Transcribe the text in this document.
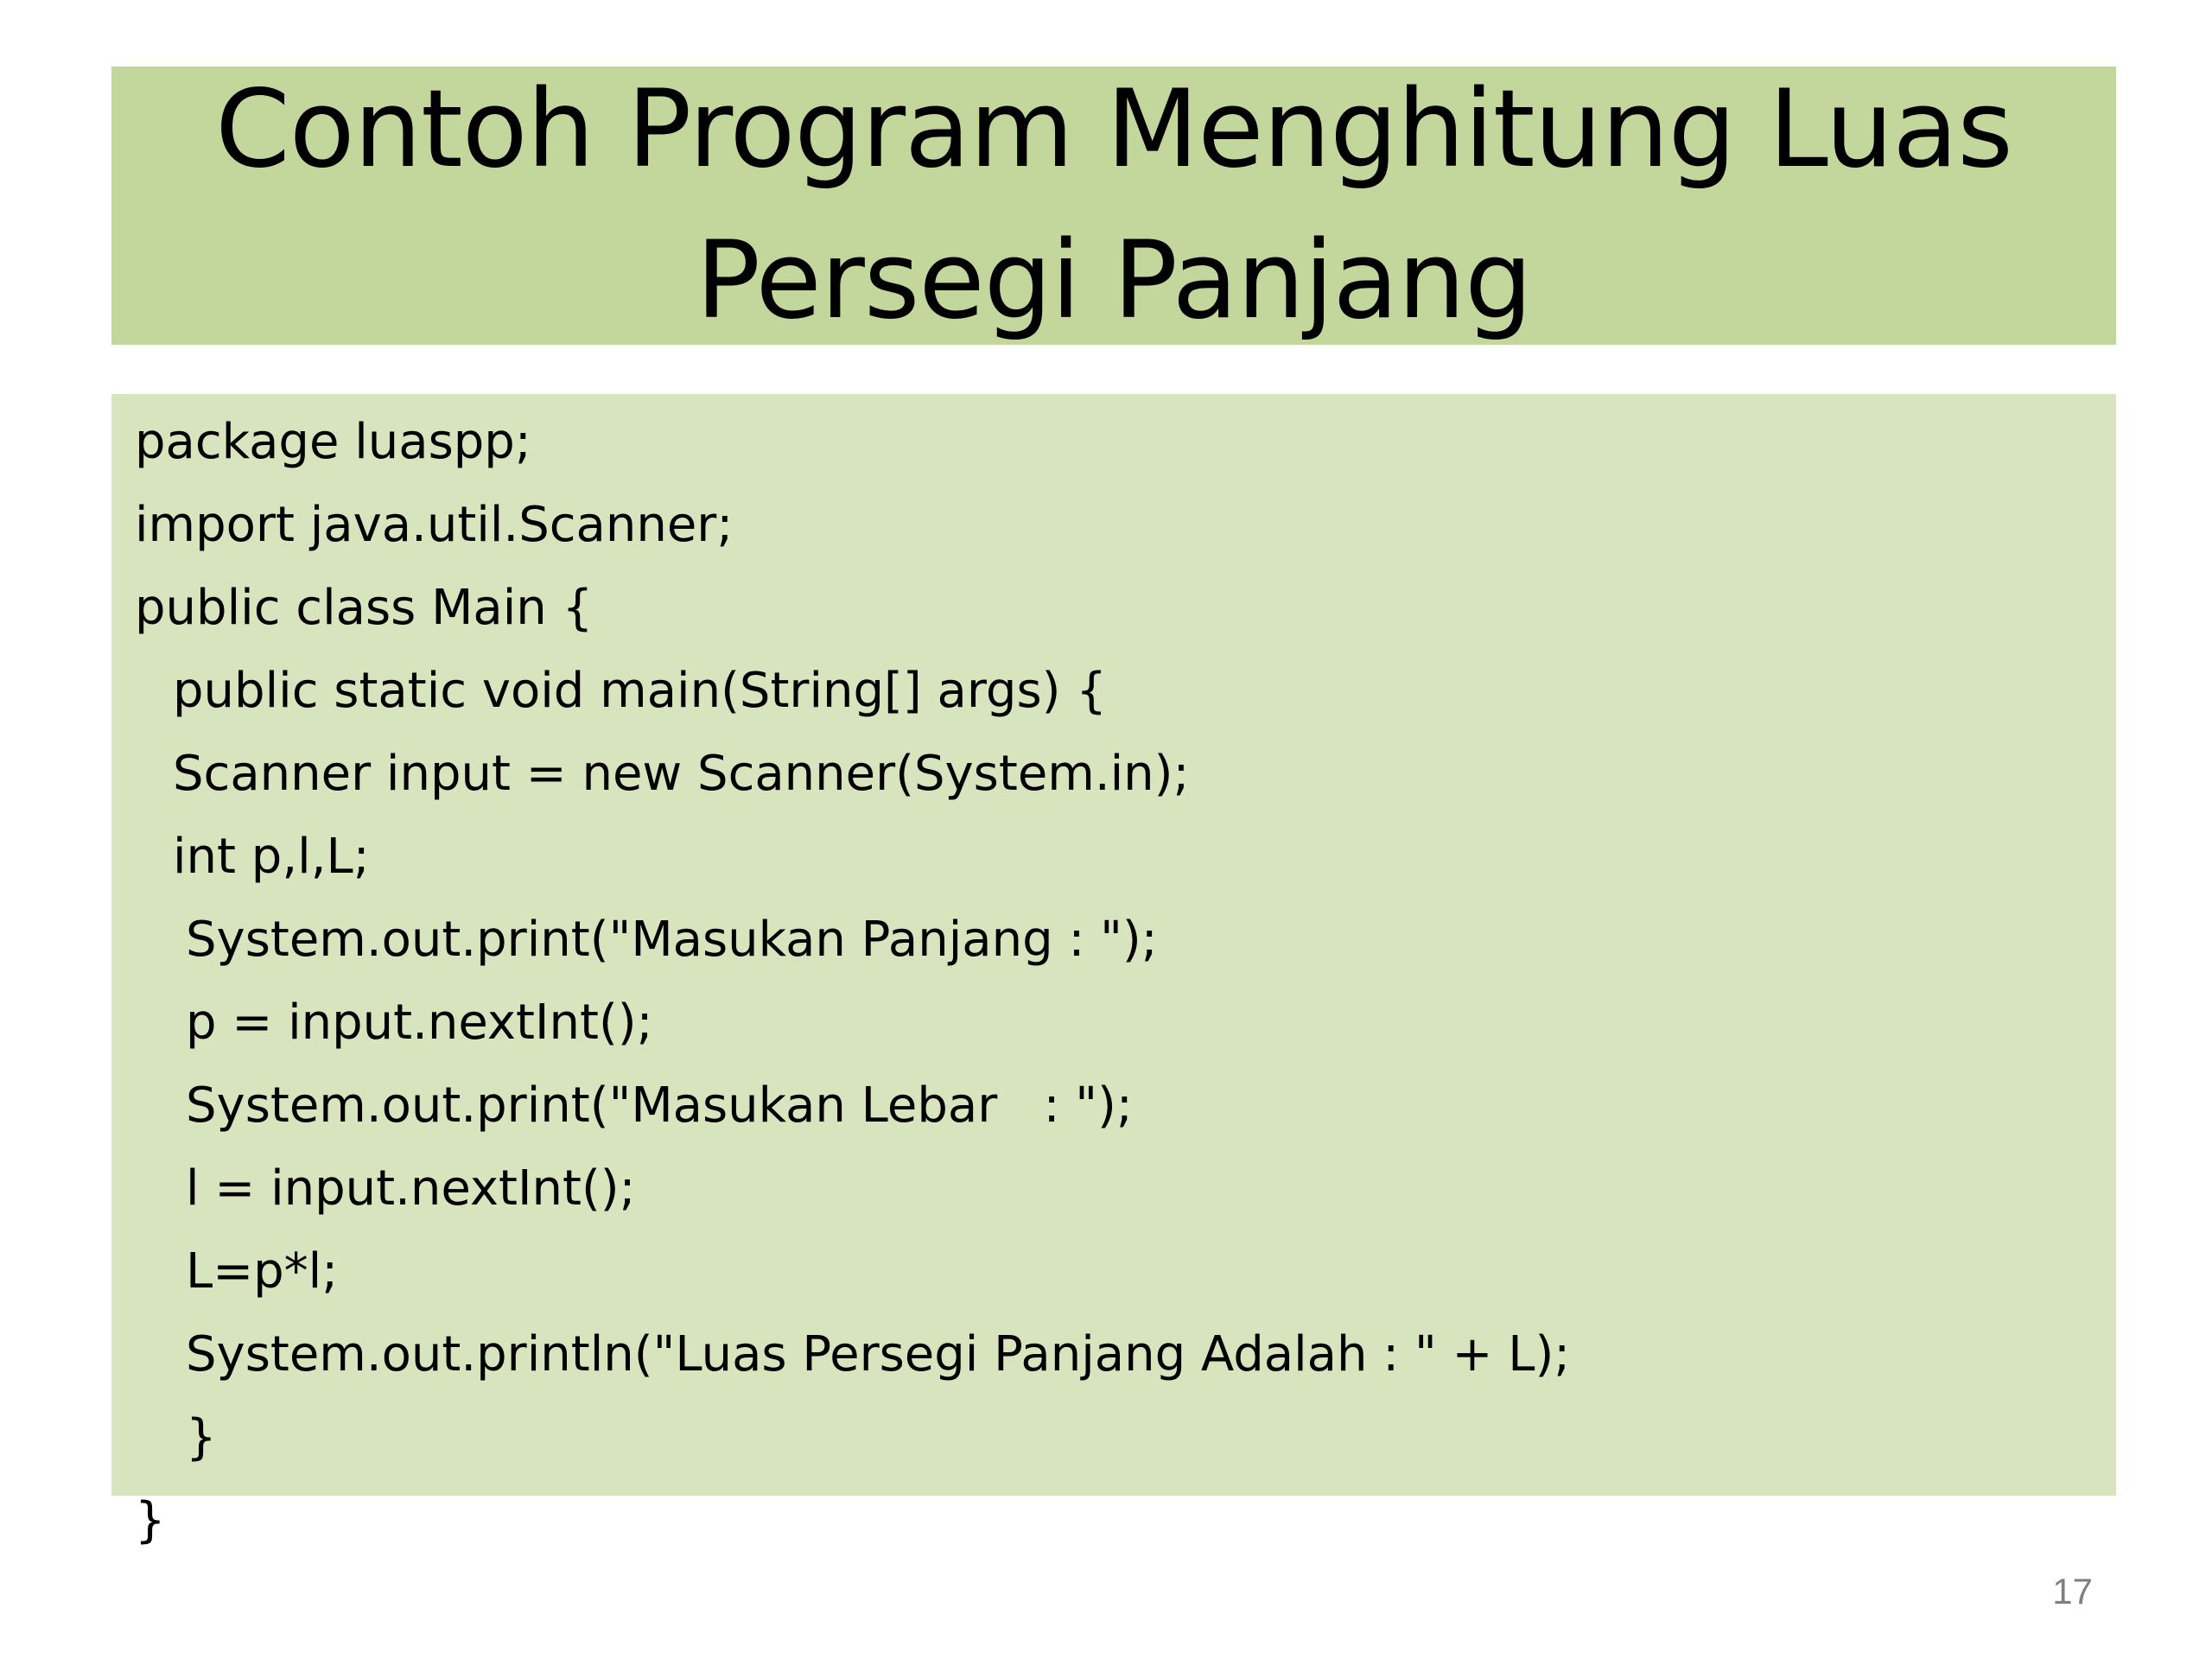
Contoh Program Menghitung Luas
Persegi Panjang
package luaspp;
import java.util.Scanner;
public class Main {
public static void main(String[] args) {
Scanner input = new Scanner(System.in);
int p,l,L;
System.out.print("Masukan Panjang : ");
p = input.nextInt();
System.out.print("Masukan Lebar   : ");
l = input.nextInt();
L=p*l;
System.out.println("Luas Persegi Panjang Adalah : " + L);
}
}
17
